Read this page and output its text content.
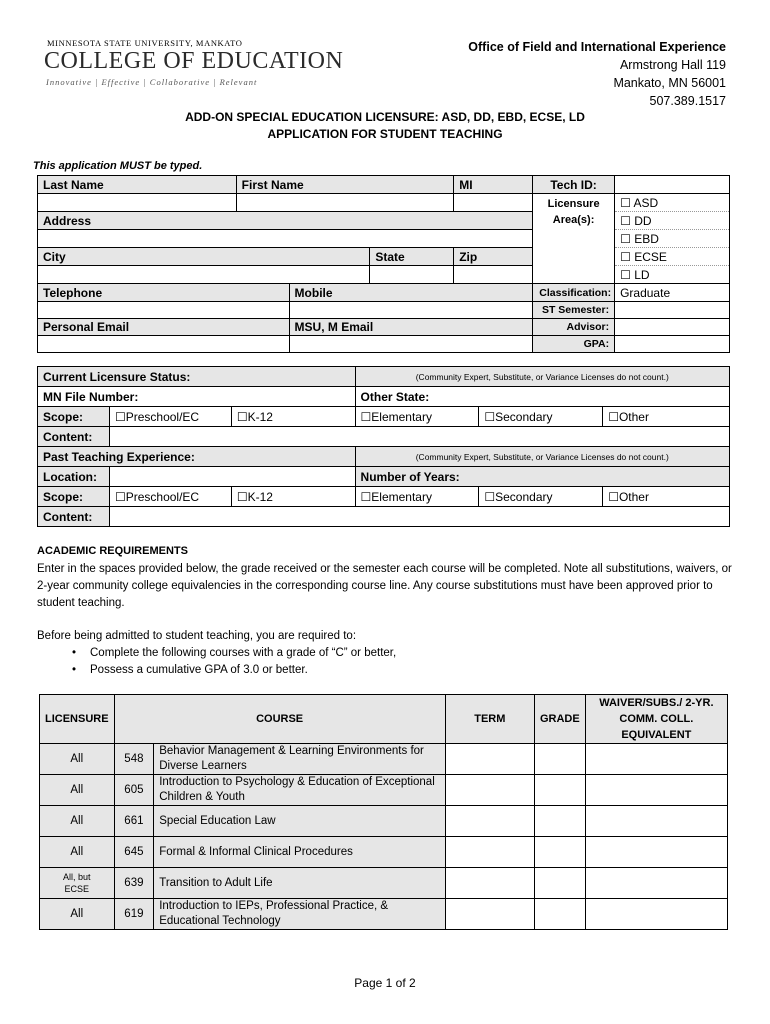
MINNESOTA STATE UNIVERSITY, MANKATO
COLLEGE OF EDUCATION
Innovative | Effective | Collaborative | Relevant
Office of Field and International Experience
Armstrong Hall 119
Mankato, MN 56001
507.389.1517
ADD-ON SPECIAL EDUCATION LICENSURE: ASD, DD, EBD, ECSE, LD
APPLICATION FOR STUDENT TEACHING
This application MUST be typed.
Last Name	First Name			MI	Tech ID:	
					Licensure Area(s):	☐ ASD
Address						☐ DD
						☐ EBD
City			State	Zip		☐ ECSE
						☐ LD
Telephone		Mobile			Classification:	Graduate
					ST Semester:	
Personal Email		MSU, M Email			Advisor:	
					GPA:	
Current Licensure Status:			(Community Expert, Substitute, or Variance Licenses do not count.)		
MN File Number:			Other State:		
Scope:	☐Preschool/EC	☐K-12	☐Elementary	☐Secondary	☐Other
Content:					
Past Teaching Experience:			(Community Expert, Substitute, or Variance Licenses do not count.)		
Location:			Number of Years:		
Scope:	☐Preschool/EC	☐K-12	☐Elementary	☐Secondary	☐Other
Content:					
ACADEMIC REQUIREMENTS
Enter in the spaces provided below, the grade received or the semester each course will be completed. Note all substitutions, waivers, or 2-year community college equivalencies in the corresponding course line. Any course substitutions must have been approved prior to student teaching.
Before being admitted to student teaching, you are required to:
• Complete the following courses with a grade of “C” or better,
• Possess a cumulative GPA of 3.0 or better.
LICENSURE	COURSE		TERM	GRADE	WAIVER/SUBS./ 2-YR. COMM. COLL. EQUIVALENT
All	548	Behavior Management & Learning Environments for Diverse Learners			
All	605	Introduction to Psychology & Education of Exceptional Children & Youth			
All	661	Special Education Law			
All	645	Formal & Informal Clinical Procedures			
All, but ECSE	639	Transition to Adult Life			
All	619	Introduction to IEPs, Professional Practice, & Educational Technology			
Page 1 of 2
